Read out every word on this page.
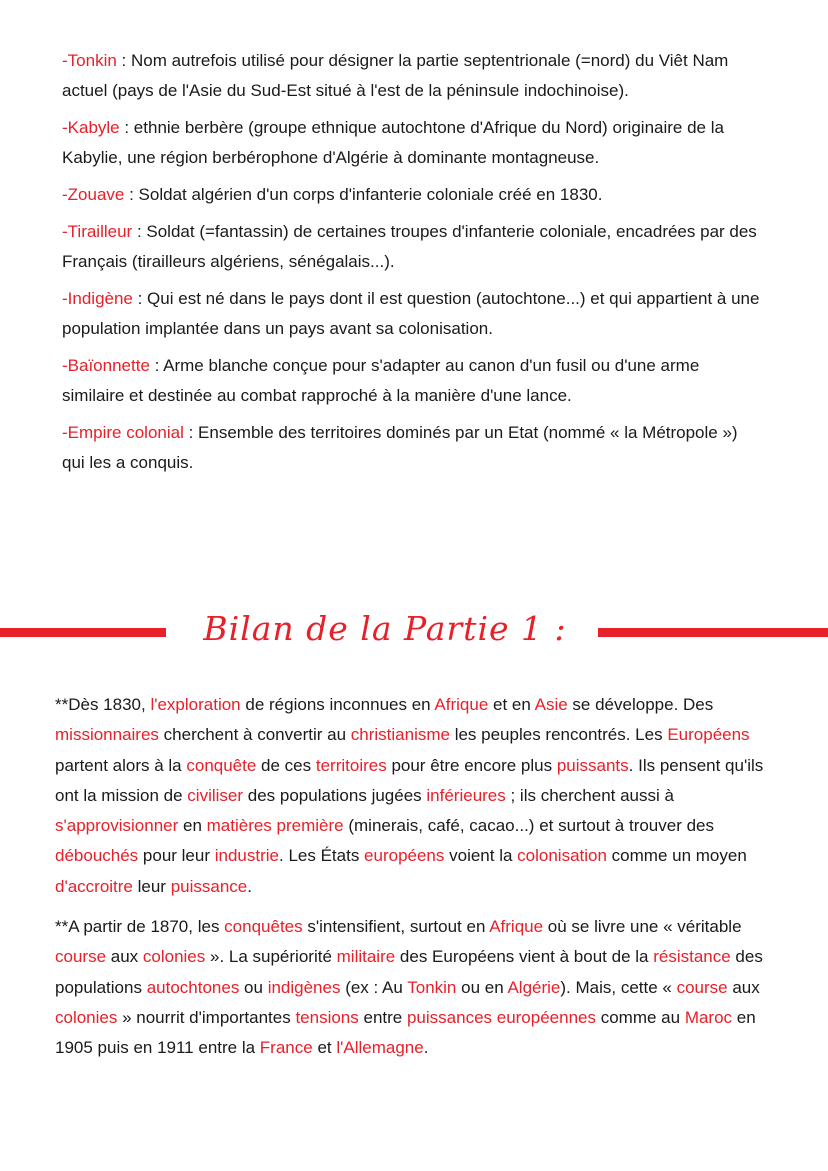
-Tonkin : Nom autrefois utilisé pour désigner la partie septentrionale (=nord) du Viêt Nam actuel (pays de l'Asie du Sud-Est situé à l'est de la péninsule indochinoise).
-Kabyle : ethnie berbère (groupe ethnique autochtone d'Afrique du Nord) originaire de la Kabylie, une région berbérophone d'Algérie à dominante montagneuse.
-Zouave : Soldat algérien d'un corps d'infanterie coloniale créé en 1830.
-Tirailleur : Soldat (=fantassin) de certaines troupes d'infanterie coloniale, encadrées par des Français (tirailleurs algériens, sénégalais...).
-Indigène : Qui est né dans le pays dont il est question (autochtone...) et qui appartient à une population implantée dans un pays avant sa colonisation.
-Baïonnette : Arme blanche conçue pour s'adapter au canon d'un fusil ou d'une arme similaire et destinée au combat rapproché à la manière d'une lance.
-Empire colonial : Ensemble des territoires dominés par un Etat (nommé « la Métropole ») qui les a conquis.
Bilan de la Partie 1 :
**Dès 1830, l'exploration de régions inconnues en Afrique et en Asie se développe. Des missionnaires cherchent à convertir au christianisme les peuples rencontrés. Les Européens partent alors à la conquête de ces territoires pour être encore plus puissants. Ils pensent qu'ils ont la mission de civiliser des populations jugées inférieures ; ils cherchent aussi à s'approvisionner en matières première (minerais, café, cacao...) et surtout à trouver des débouchés pour leur industrie. Les États européens voient la colonisation comme un moyen d'accroitre leur puissance.
**A partir de 1870, les conquêtes s'intensifient, surtout en Afrique où se livre une « véritable course aux colonies ». La supériorité militaire des Européens vient à bout de la résistance des populations autochtones ou indigènes (ex : Au Tonkin ou en Algérie). Mais, cette « course aux colonies » nourrit d'importantes tensions entre puissances européennes comme au Maroc en 1905 puis en 1911 entre la France et l'Allemagne.
